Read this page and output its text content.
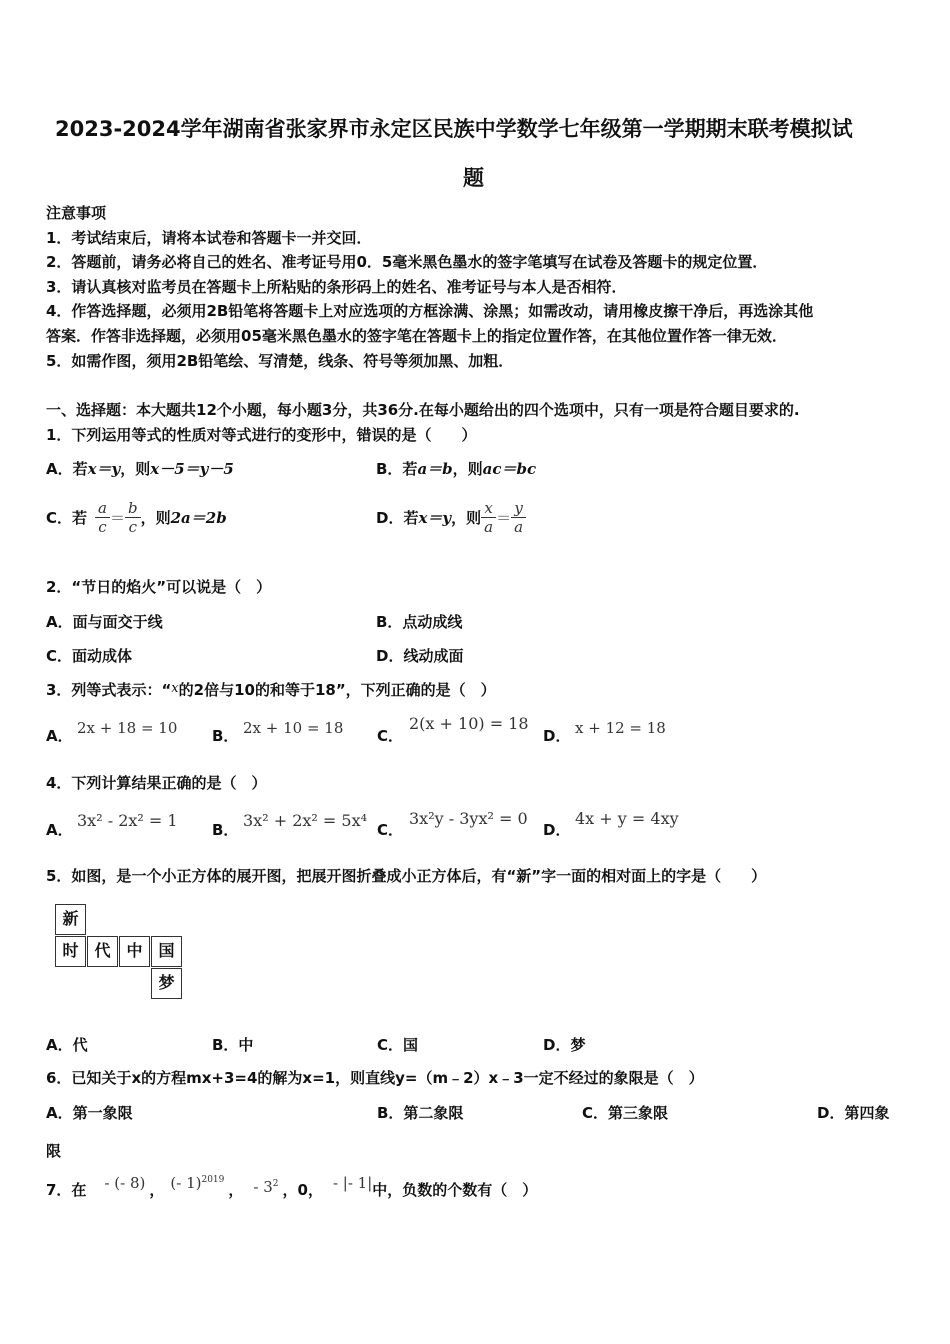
2023-2024学年湖南省张家界市永定区民族中学数学七年级第一学期期末联考模拟试
题
注意事项
1．考试结束后，请将本试卷和答题卡一并交回．
2．答题前，请务必将自己的姓名、准考证号用0．5毫米黑色墨水的签字笔填写在试卷及答题卡的规定位置．
3．请认真核对监考员在答题卡上所粘贴的条形码上的姓名、准考证号与本人是否相符．
4．作答选择题，必须用2B铅笔将答题卡上对应选项的方框涂满、涂黑；如需改动，请用橡皮擦干净后，再选涂其他
答案．作答非选择题，必须用05毫米黑色墨水的签字笔在答题卡上的指定位置作答，在其他位置作答一律无效．
5．如需作图，须用2B铅笔绘、写清楚，线条、符号等须加黑、加粗．
一、选择题：本大题共12个小题，每小题3分，共36分.在每小题给出的四个选项中，只有一项是符合题目要求的.
1．下列运用等式的性质对等式进行的变形中，错误的是（　　）
A．若x＝y，则x－5＝y－5	B．若a＝b，则ac＝bc
C．若 $\frac{a}{c} = \frac{b}{c}$ ，则 2a＝2b	D．若 x＝y ，则 $\frac{x}{a} = \frac{y}{a}$
2．“节日的焰火”可以说是（　）
A．面与面交于线	B．点动成线
C．面动成体	D．线动成面
3．列等式表示：“x的2倍与10的和等于18”，下列正确的是（　）
A． 2x + 18 = 10 B． 2x + 10 = 18 C．
2(x + 10) = 18
D． x + 12 = 18
4．下列计算结果正确的是（　）
A． 3x² - 2x² = 1 B． 3x² + 2x² = 5x⁴ C．
3x²y - 3yx² = 0
D．
4x + y = 4xy
5．如图，是一个小正方体的展开图，把展开图折叠成小正方体后，有“新”字一面的相对面上的字是（　　）
新
时 代 中 国
梦
A．代	B．中	C．国	D．梦
6．已知关于x的方程mx+3=4的解为x=1，则直线y=（m﹣2）x﹣3一定不经过的象限是（　）
A．第一象限	B．第二象限	C．第三象限	D．第四象
限
7．在 - (- 8) ， (- 1)$^{2019}$
， - $3^2$ ，0， - |- 1| 中，负数的个数有（　）
